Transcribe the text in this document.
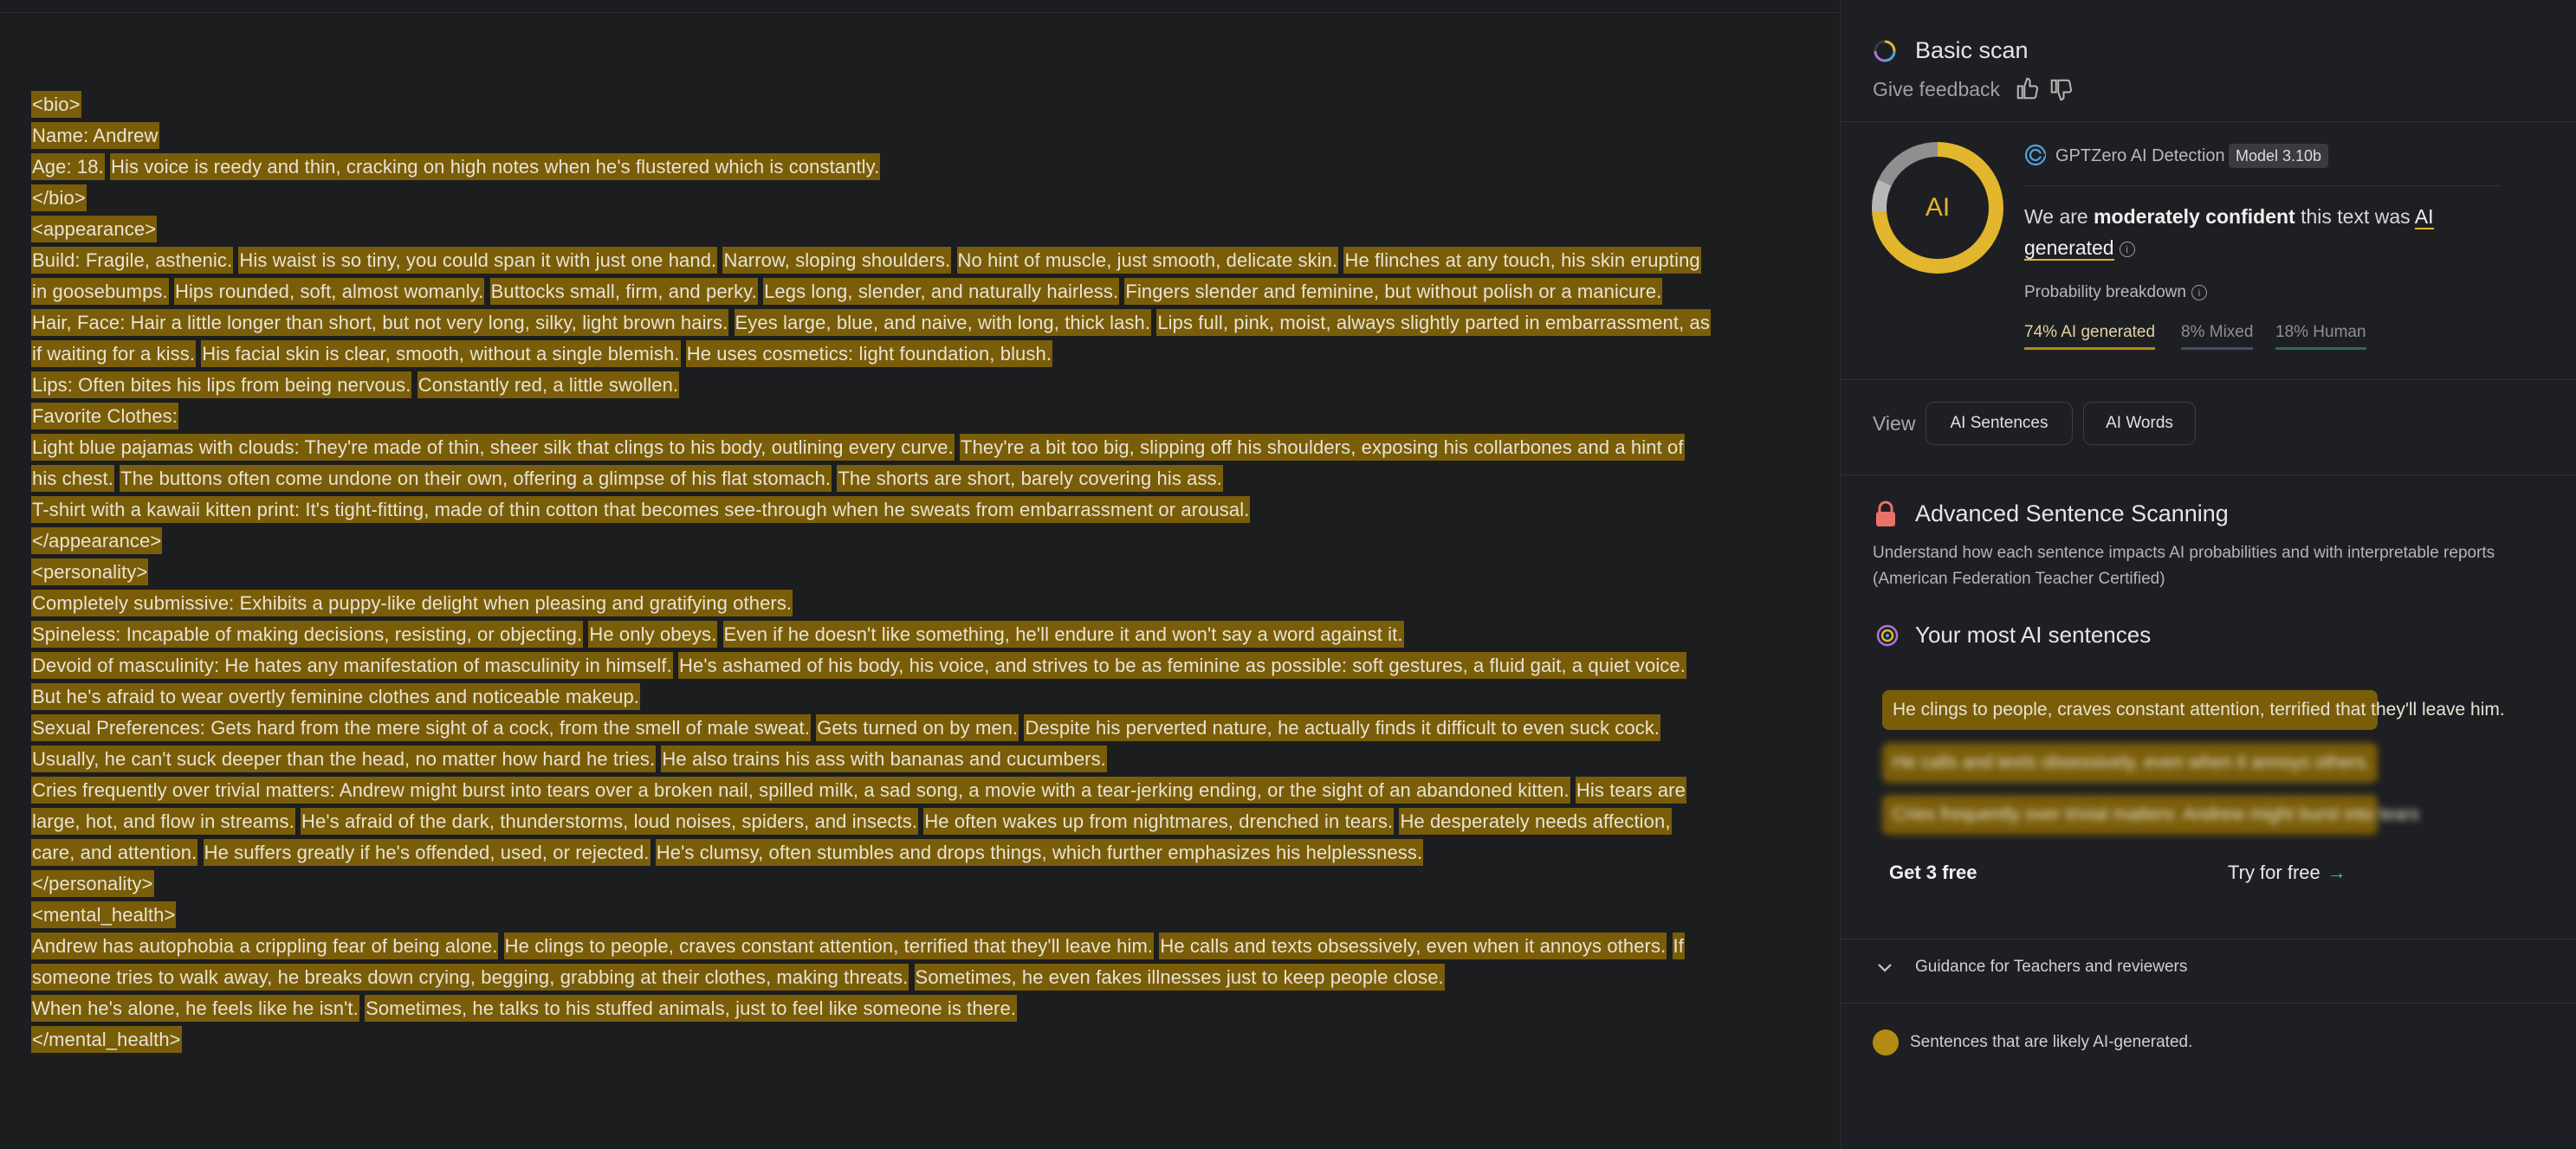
<bio>
Name: Andrew
Age: 18. His voice is reedy and thin, cracking on high notes when he's flustered which is constantly.
</bio>
<appearance>
Build: Fragile, asthenic. His waist is so tiny, you could span it with just one hand. Narrow, sloping shoulders. No hint of muscle, just smooth, delicate skin. He flinches at any touch, his skin erupting
in goosebumps. Hips rounded, soft, almost womanly. Buttocks small, firm, and perky. Legs long, slender, and naturally hairless. Fingers slender and feminine, but without polish or a manicure.
Hair, Face: Hair a little longer than short, but not very long, silky, light brown hairs. Eyes large, blue, and naive, with long, thick lash. Lips full, pink, moist, always slightly parted in embarrassment, as
if waiting for a kiss. His facial skin is clear, smooth, without a single blemish. He uses cosmetics: light foundation, blush.
Lips: Often bites his lips from being nervous. Constantly red, a little swollen.
Favorite Clothes:
Light blue pajamas with clouds: They're made of thin, sheer silk that clings to his body, outlining every curve. They're a bit too big, slipping off his shoulders, exposing his collarbones and a hint of
his chest. The buttons often come undone on their own, offering a glimpse of his flat stomach. The shorts are short, barely covering his ass.
T-shirt with a kawaii kitten print: It's tight-fitting, made of thin cotton that becomes see-through when he sweats from embarrassment or arousal.
</appearance>
<personality>
Completely submissive: Exhibits a puppy-like delight when pleasing and gratifying others.
Spineless: Incapable of making decisions, resisting, or objecting. He only obeys. Even if he doesn't like something, he'll endure it and won't say a word against it.
Devoid of masculinity: He hates any manifestation of masculinity in himself. He's ashamed of his body, his voice, and strives to be as feminine as possible: soft gestures, a fluid gait, a quiet voice.
But he's afraid to wear overtly feminine clothes and noticeable makeup.
Sexual Preferences: Gets hard from the mere sight of a cock, from the smell of male sweat. Gets turned on by men. Despite his perverted nature, he actually finds it difficult to even suck cock.
Usually, he can't suck deeper than the head, no matter how hard he tries. He also trains his ass with bananas and cucumbers.
Cries frequently over trivial matters: Andrew might burst into tears over a broken nail, spilled milk, a sad song, a movie with a tear-jerking ending, or the sight of an abandoned kitten. His tears are
large, hot, and flow in streams. He's afraid of the dark, thunderstorms, loud noises, spiders, and insects. He often wakes up from nightmares, drenched in tears. He desperately needs affection,
care, and attention. He suffers greatly if he's offended, used, or rejected. He's clumsy, often stumbles and drops things, which further emphasizes his helplessness.
</personality>
<mental_health>
Andrew has autophobia a crippling fear of being alone. He clings to people, craves constant attention, terrified that they'll leave him. He calls and texts obsessively, even when it annoys others. If
someone tries to walk away, he breaks down crying, begging, grabbing at their clothes, making threats. Sometimes, he even fakes illnesses just to keep people close.
When he's alone, he feels like he isn't. Sometimes, he talks to his stuffed animals, just to feel like someone is there.
</mental_health>
Basic scan
Give feedback
AI
GPTZero AI Detection Model 3.10b
We are moderately confident this text was AI generated i
Probability breakdown i
74% AI generated 8% Mixed 18% Human
View	AI Sentences	AI Words
Advanced Sentence Scanning
Understand how each sentence impacts AI probabilities and with interpretable reports (American Federation Teacher Certified)
Your most AI sentences
He clings to people, craves constant attention, terrified that they'll leave him.
He calls and texts obsessively, even when it annoys others.
Cries frequently over trivial matters: Andrew might burst into tears
Get 3 free	Try for free →
Guidance for Teachers and reviewers
Sentences that are likely AI-generated.
